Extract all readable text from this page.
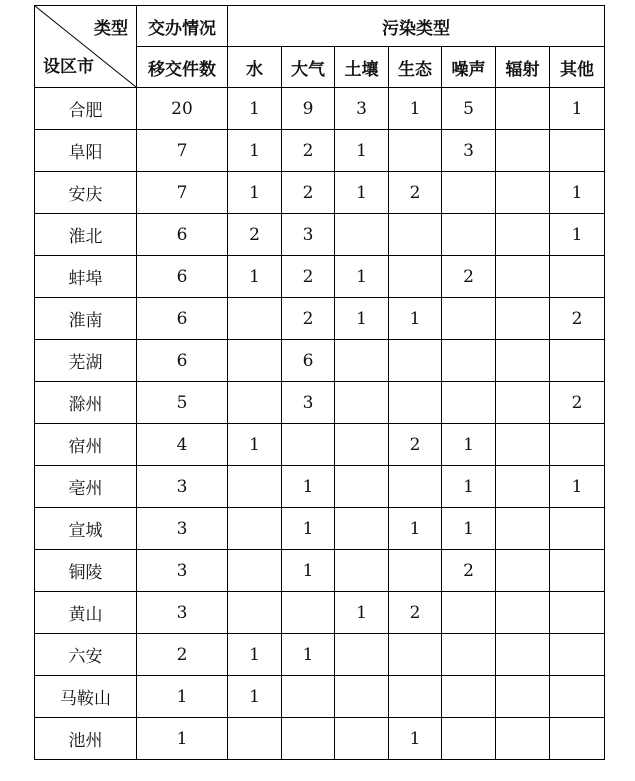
类型
设区市	交办情况	污染类型						
	移交件数	水	大气	土壤	生态	噪声	辐射	其他
合肥	20	1	9	3	1	5		1
阜阳	7	1	2	1		3		
安庆	7	1	2	1	2			1
淮北	6	2	3					1
蚌埠	6	1	2	1		2		
淮南	6		2	1	1			2
芜湖	6		6					
滁州	5		3					2
宿州	4	1			2	1		
亳州	3		1			1		1
宣城	3		1		1	1		
铜陵	3		1			2		
黄山	3			1	2			
六安	2	1	1					
马鞍山	1	1						
池州	1				1			
